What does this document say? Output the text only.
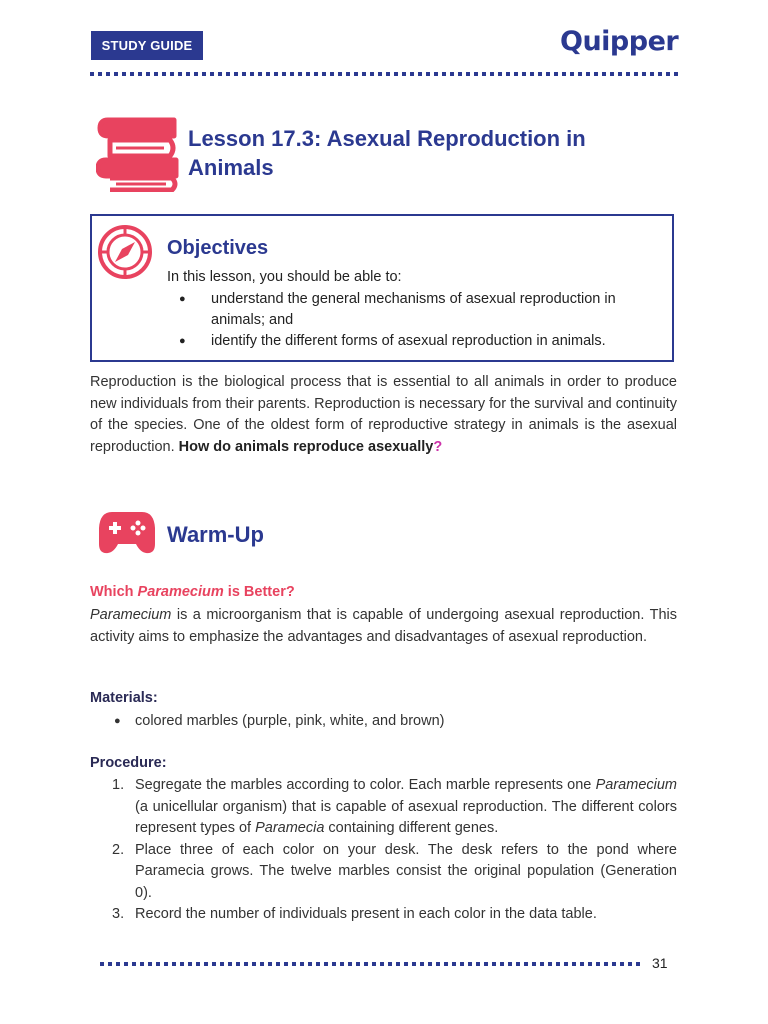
STUDY GUIDE	Quipper
Lesson 17.3: Asexual Reproduction in Animals
Objectives
In this lesson, you should be able to:
● understand the general mechanisms of asexual reproduction in animals; and
● identify the different forms of asexual reproduction in animals.

Reproduction is the biological process that is essential to all animals in order to produce new individuals from their parents. Reproduction is necessary for the survival and continuity of the species. One of the oldest form of reproductive strategy in animals is the asexual reproduction. How do animals reproduce asexually?

Warm-Up
Which Paramecium is Better?

Paramecium is a microorganism that is capable of undergoing asexual reproduction. This activity aims to emphasize the advantages and disadvantages of asexual reproduction.

Materials:
● colored marbles (purple, pink, white, and brown)
Procedure:
1. Segregate the marbles according to color. Each marble represents one Paramecium (a unicellular organism) that is capable of asexual reproduction. The different colors represent types of Paramecia containing different genes.
2. Place three of each color on your desk. The desk refers to the pond where Paramecia grows. The twelve marbles consist the original population (Generation 0).
3. Record the number of individuals present in each color in the data table.
31
